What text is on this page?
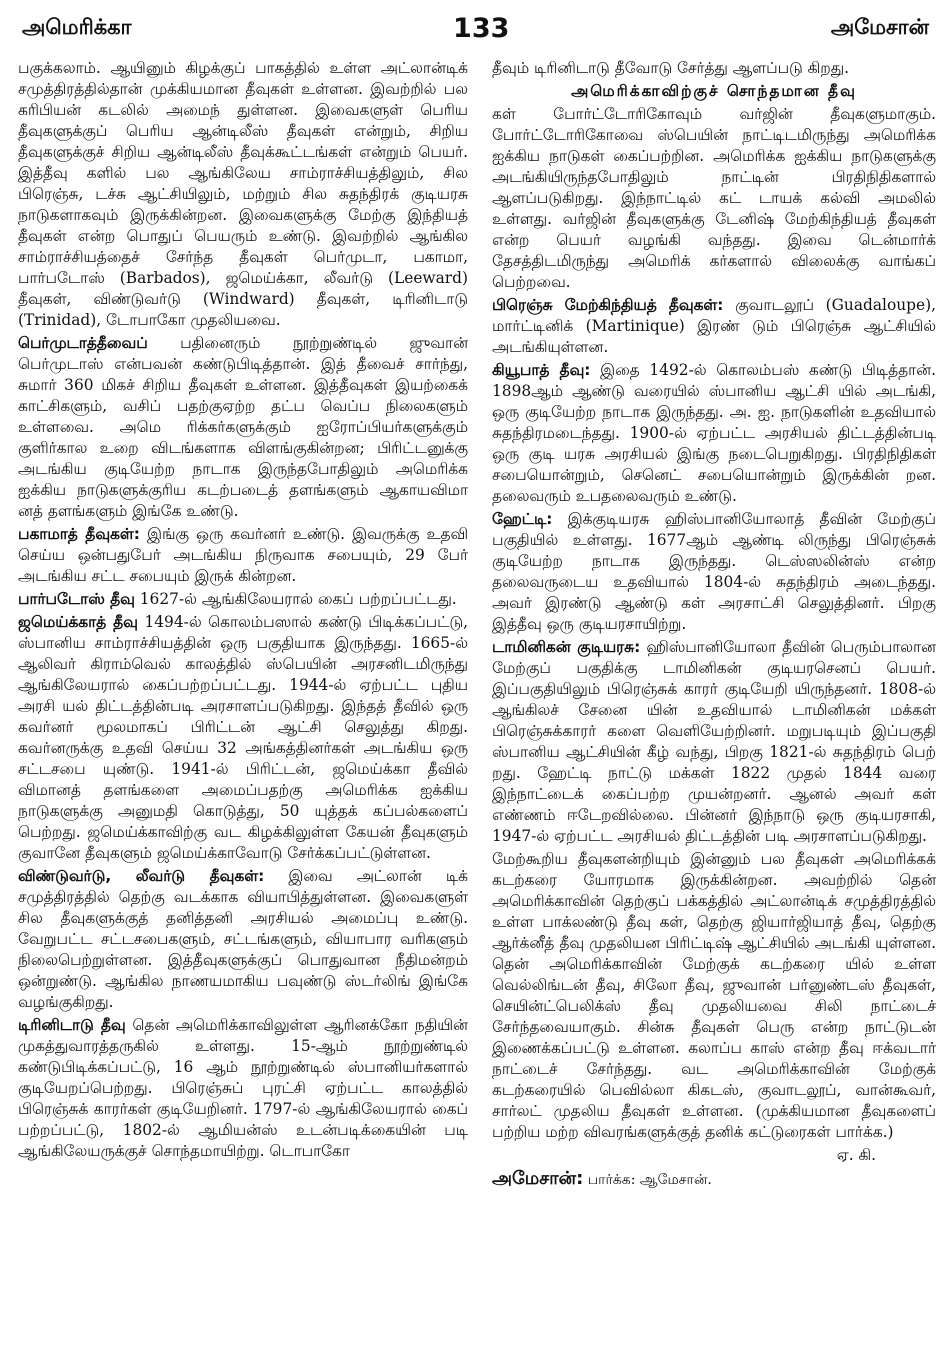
அமெரிக்கா	133	அமேசான்

பகுக்கலாம். ஆயினும் கிழக்குப் பாகத்தில் உள்ள அட்லான்டிக் சமுத்திரத்தில்தான் முக்கியமான தீவுகள் உள்ளன. இவற்றில் பல கரிபியன் கடலில் அமைந் துள்ளன. இவைகளுள் பெரிய தீவுகளுக்குப் பெரிய ஆன்டிலீஸ் தீவுகள் என்றும், சிறிய தீவுகளுக்குச் சிறிய ஆன்டிலீஸ் தீவுக்கூட்டங்கள் என்றும் பெயர். இத்தீவு களில் பல ஆங்கிலேய சாம்ராச்சியத்திலும், சில பிரெஞ்சு, டச்சு ஆட்சியிலும், மற்றும் சில சுதந்திரக் குடியரசு நாடுகளாகவும் இருக்கின்றன. இவைகளுக்கு மேற்கு இந்தியத் தீவுகள் என்ற பொதுப் பெயரும் உண்டு. இவற்றில் ஆங்கில சாம்ராச்சியத்தைச் சேர்ந்த தீவுகள் பெர்முடா, பகாமா, பார்படோஸ் (Barbados), ஜமெய்க்கா, லீவர்டு (Leeward) தீவுகள், விண்டுவர்டு (Windward) தீவுகள், டிரினிடாடு (Trinidad), டோபாகோ முதலியவை.

பெர்முடாத்தீவைப் பதினைரும் நூற்றுண்டில் ஜுவான் பெர்முடாஸ் என்பவன் கண்டுபிடித்தான். இத் தீவைச் சார்ந்து, சுமார் 360 மிகச் சிறிய தீவுகள் உள்ளன. இத்தீவுகள் இயற்கைக் காட்சிகளும், வசிப் பதற்குஏற்ற தட்ப வெப்ப நிலைகளும் உள்ளவை. அமெ ரிக்கர்களுக்கும் ஐரோப்பியர்களுக்கும் குளிர்கால உறை விடங்களாக விளங்குகின்றன; பிரிட்டனுக்கு அடங்கிய குடியேற்ற நாடாக இருந்தபோதிலும் அமெரிக்க ஐக்கிய நாடுகளுக்குரிய கடற்படைத் தளங்களும் ஆகாயவிமா னத் தளங்களும் இங்கே உண்டு.

பகாமாத் தீவுகள்: இங்கு ஒரு கவர்னர் உண்டு. இவருக்கு உதவி செய்ய ஒன்பதுபேர் அடங்கிய நிருவாக சபையும், 29 பேர் அடங்கிய சட்ட சபையும் இருக் கின்றன.

பார்படோஸ் தீவு 1627-ல் ஆங்கிலேயரால் கைப் பற்றப்பட்டது.

ஜமெய்க்காத் தீவு 1494-ல் கொலம்பஸால் கண்டு பிடிக்கப்பட்டு, ஸ்பானிய சாம்ராச்சியத்தின் ஒரு பகுதியாக இருந்தது. 1665-ல் ஆலிவர் கிராம்வெல் காலத்தில் ஸ்பெயின் அரசனிடமிருந்து ஆங்கிலேயரால் கைப்பற்றப்பட்டது. 1944-ல் ஏற்பட்ட புதிய அரசி யல் திட்டத்தின்படி அரசாளப்படுகிறது. இந்தத் தீவில் ஒரு கவர்னர் மூலமாகப் பிரிட்டன் ஆட்சி செலுத்து கிறது. கவர்னருக்கு உதவி செய்ய 32 அங்கத்தினர்கள் அடங்கிய ஒரு சட்டசபை யுண்டு. 1941-ல் பிரிட்டன், ஜமெய்க்கா தீவில் விமானத் தளங்களை அமைப்பதற்கு அமெரிக்க ஐக்கிய நாடுகளுக்கு அனுமதி கொடுத்து, 50 யுத்தக் கப்பல்களைப் பெற்றது. ஜமெய்க்காவிற்கு வட கிழக்கிலுள்ள கேயன் தீவுகளும் குவானே தீவுகளும் ஜமெய்க்காவோடு சேர்க்கப்பட்டுள்ளன.

விண்டுவர்டு, லீவர்டு தீவுகள்: இவை அட்லான் டிக் சமுத்திரத்தில் தெற்கு வடக்காக வியாபித்துள்ளன. இவைகளுள் சில தீவுகளுக்குத் தனித்தனி அரசியல் அமைப்பு உண்டு. வேறுபட்ட சட்டசபைகளும், சட்டங்களும், வியாபார வரிகளும் நிலைபெற்றுள்ளன. இத்தீவுகளுக்குப் பொதுவான நீதிமன்றம் ஒன்றுண்டு. ஆங்கில நாணயமாகிய பவுண்டு ஸ்டர்லிங் இங்கே வழங்குகிறது.

டிரினிடாடு தீவு தென் அமெரிக்காவிலுள்ள ஆரினக்கோ நதியின் முகத்துவாரத்தருகில் உள்ளது. 15-ஆம் நூற்றுண்டில் கண்டுபிடிக்கப்பட்டு, 16 ஆம் நூற்றுண்டில் ஸ்பானியர்களால் குடியேறப்பெற்றது. பிரெஞ்சுப் புரட்சி ஏற்பட்ட காலத்தில் பிரெஞ்சுக் காரர்கள் குடியேறினர். 1797-ல் ஆங்கிலேயரால் கைப் பற்றப்பட்டு, 1802-ல் ஆமியன்ஸ் உடன்படிக்கையின் படி ஆங்கிலேயருக்குச் சொந்தமாயிற்று. டொபாகோ

தீவும் டிரினிடாடு தீவோடு சேர்த்து ஆளப்படு கிறது.

அமெரிக்காவிற்குச் சொந்தமான தீவு

கள் போர்ட்டோரிகோவும் வர்ஜின் தீவுகளுமாகும். போர்ட்டோரிகோவை ஸ்பெயின் நாட்டிடமிருந்து அமெரிக்க ஐக்கிய நாடுகள் கைப்பற்றின. அமெரிக்க ஐக்கிய நாடுகளுக்கு அடங்கியிருந்தபோதிலும் நாட்டின் பிரதிநிதிகளால் ஆளப்படுகிறது. இந்நாட்டில் கட் டாயக் கல்வி அமலில் உள்ளது. வர்ஜின் தீவுகளுக்கு டேனிஷ் மேற்கிந்தியத் தீவுகள் என்ற பெயர் வழங்கி வந்தது. இவை டென்மார்க் தேசத்திடமிருந்து அமெரிக் கர்களால் விலைக்கு வாங்கப் பெற்றவை.

பிரெஞ்சு மேற்கிந்தியத் தீவுகள்: குவாடலூப் (Guadaloupe), மார்ட்டினிக் (Martinique) இரண் டும் பிரெஞ்சு ஆட்சியில் அடங்கியுள்ளன.

கியூபாத் தீவு: இதை 1492-ல் கொலம்பஸ் கண்டு பிடித்தான். 1898ஆம் ஆண்டு வரையில் ஸ்பானிய ஆட்சி யில் அடங்கி, ஒரு குடியேற்ற நாடாக இருந்தது. அ. ஐ. நாடுகளின் உதவியால் சுதந்திரமடைந்தது. 1900-ல் ஏற்பட்ட அரசியல் திட்டத்தின்படி ஒரு குடி யரசு அரசியல் இங்கு நடைபெறுகிறது. பிரதிநிதிகள் சபையொன்றும், செனெட் சபையொன்றும் இருக்கின் றன. தலைவரும் உபதலைவரும் உண்டு.

ஹேட்டி: இக்குடியரசு ஹிஸ்பானியோலாத் தீவின் மேற்குப் பகுதியில் உள்ளது. 1677ஆம் ஆண்டி லிருந்து பிரெஞ்சுக் குடியேற்ற நாடாக இருந்தது. டெஸ்ஸலின்ஸ் என்ற தலைவருடைய உதவியால் 1804-ல் சுதந்திரம் அடைந்தது. அவர் இரண்டு ஆண்டு கள் அரசாட்சி செலுத்தினர். பிறகு இத்தீவு ஒரு குடியரசாயிற்று.

டாமினிகன் குடியரசு: ஹிஸ்பானியோலா தீவின் பெரும்பாலான மேற்குப் பகுதிக்கு டாமினிகன் குடியரசெனப் பெயர். இப்பகுதியிலும் பிரெஞ்சுக் காரர் குடியேறி யிருந்தனர். 1808-ல் ஆங்கிலச் சேனை யின் உதவியால் டாமினிகன் மக்கள் பிரெஞ்சுக்காரர் களை வெளியேற்றினர். மறுபடியும் இப்பகுதி ஸ்பானிய ஆட்சியின் கீழ் வந்து, பிறகு 1821-ல் சுதந்திரம் பெற் றது. ஹேட்டி நாட்டு மக்கள் 1822 முதல் 1844 வரை இந்நாட்டைக் கைப்பற்ற முயன்றனர். ஆனல் அவர் கள் எண்ணம் ஈடேறவில்லை. பின்னர் இந்நாடு ஒரு குடியரசாகி, 1947-ல் ஏற்பட்ட அரசியல் திட்டத்தின் படி அரசாளப்படுகிறது.

மேற்கூறிய தீவுகளன்றியும் இன்னும் பல தீவுகள் அமெரிக்கக் கடற்கரை யோரமாக இருக்கின்றன. அவற்றில் தென் அமெரிக்காவின் தெற்குப் பக்கத்தில் அட்லான்டிக் சமுத்திரத்தில் உள்ள பாக்லண்டு தீவு கள், தெற்கு ஜியார்ஜியாத் தீவு, தெற்கு ஆர்க்னீத் தீவு முதலியன பிரிட்டிஷ் ஆட்சியில் அடங்கி யுள்ளன. தென் அமெரிக்காவின் மேற்குக் கடற்கரை யில் உள்ள வெல்லிங்டன் தீவு, சிலோ தீவு, ஜுவான் பர்னுண்டஸ் தீவுகள், செயின்ட்பெலிக்ஸ் தீவு முதலியவை சிலி நாட்டைச் சேர்ந்தவையாகும். சின்சு தீவுகள் பெரு என்ற நாட்டுடன் இணைக்கப்பட்டு உள்ளன. கலாப்ப காஸ் என்ற தீவு ஈக்வடார் நாட்டைச் சேர்ந்தது. வட அமெரிக்காவின் மேற்குக் கடற்கரையில் பெவில்லா கிகடஸ், குவாடலூப், வான்கூவர், சார்லட் முதலிய தீவுகள் உள்ளன. (முக்கியமான தீவுகளைப் பற்றிய மற்ற விவரங்களுக்குத் தனிக் கட்டுரைகள் பார்க்க.)

ஏ. கி.

அமேசான்: பார்க்க: ஆமேசான்.
